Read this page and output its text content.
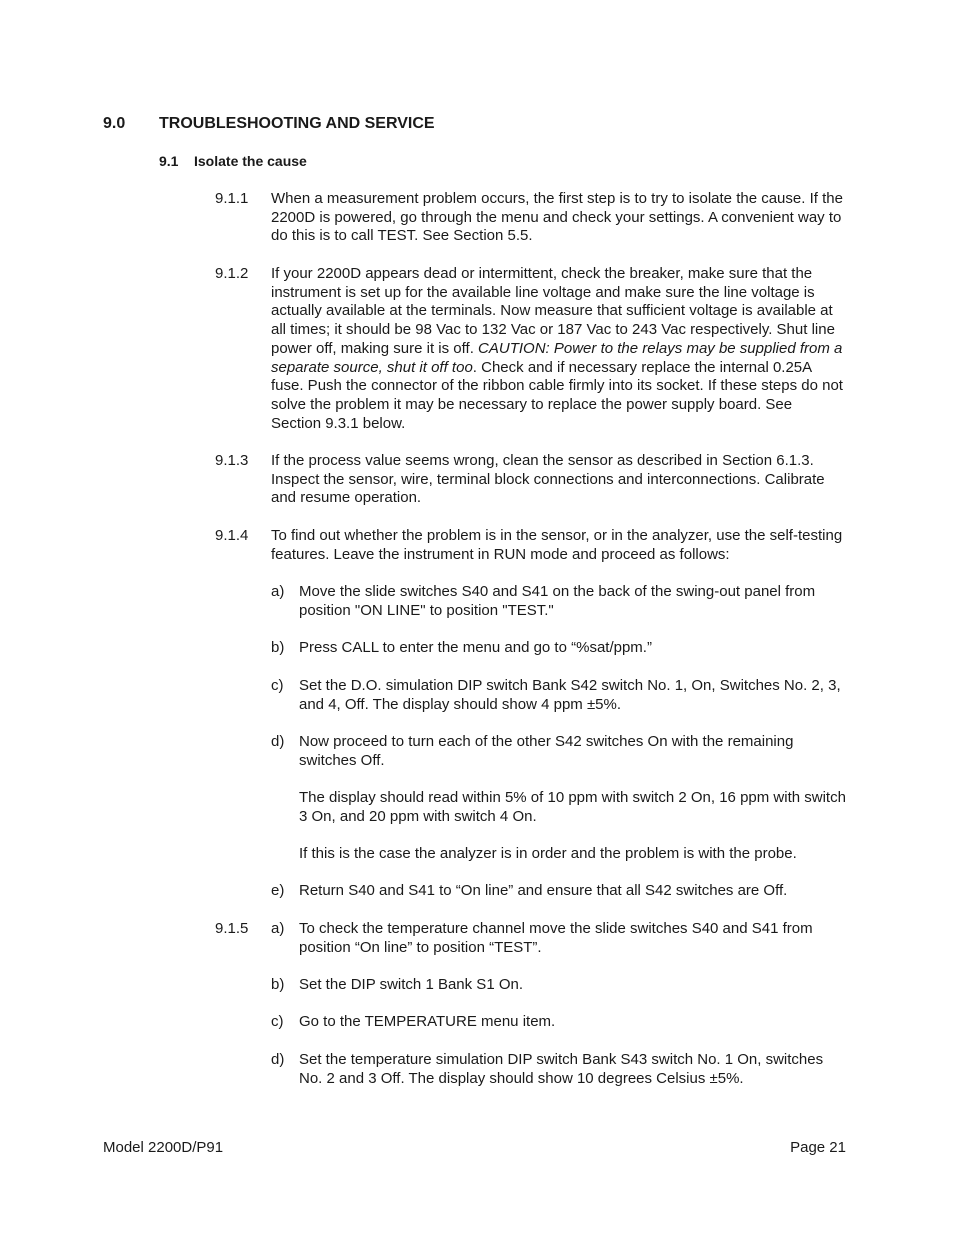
9.0 TROUBLESHOOTING AND SERVICE
9.1 Isolate the cause
9.1.1 When a measurement problem occurs, the first step is to try to isolate the cause. If the 2200D is powered, go through the menu and check your settings. A convenient way to do this is to call TEST. See Section 5.5.

9.1.2 If your 2200D appears dead or intermittent, check the breaker, make sure that the instrument is set up for the available line voltage and make sure the line voltage is actually available at the terminals. Now measure that sufficient voltage is available at all times; it should be 98 Vac to 132 Vac or 187 Vac to 243 Vac respectively. Shut line power off, making sure it is off. CAUTION: Power to the relays may be supplied from a separate source, shut it off too. Check and if necessary replace the internal 0.25A fuse. Push the connector of the ribbon cable firmly into its socket. If these steps do not solve the problem it may be necessary to replace the power supply board. See Section 9.3.1 below.

9.1.3 If the process value seems wrong, clean the sensor as described in Section 6.1.3. Inspect the sensor, wire, terminal block connections and interconnections. Calibrate and resume operation.

9.1.4 To find out whether the problem is in the sensor, or in the analyzer, use the self-testing features. Leave the instrument in RUN mode and proceed as follows:

a) Move the slide switches S40 and S41 on the back of the swing-out panel from position "ON LINE" to position "TEST."

b) Press CALL to enter the menu and go to “%sat/ppm.”

c) Set the D.O. simulation DIP switch Bank S42 switch No. 1, On, Switches No. 2, 3, and 4, Off. The display should show 4 ppm ±5%.

d) Now proceed to turn each of the other S42 switches On with the remaining switches Off.

The display should read within 5% of 10 ppm with switch 2 On, 16 ppm with switch 3 On, and 20 ppm with switch 4 On.

If this is the case the analyzer is in order and the problem is with the probe.

e) Return S40 and S41 to “On line” and ensure that all S42 switches are Off.

9.1.5 a) To check the temperature channel move the slide switches S40 and S41 from position “On line” to position “TEST”.

b) Set the DIP switch 1 Bank S1 On.

c) Go to the TEMPERATURE menu item.

d) Set the temperature simulation DIP switch Bank S43 switch No. 1 On, switches No. 2 and 3 Off. The display should show 10 degrees Celsius ±5%.

Model 2200D/P91	Page 21
